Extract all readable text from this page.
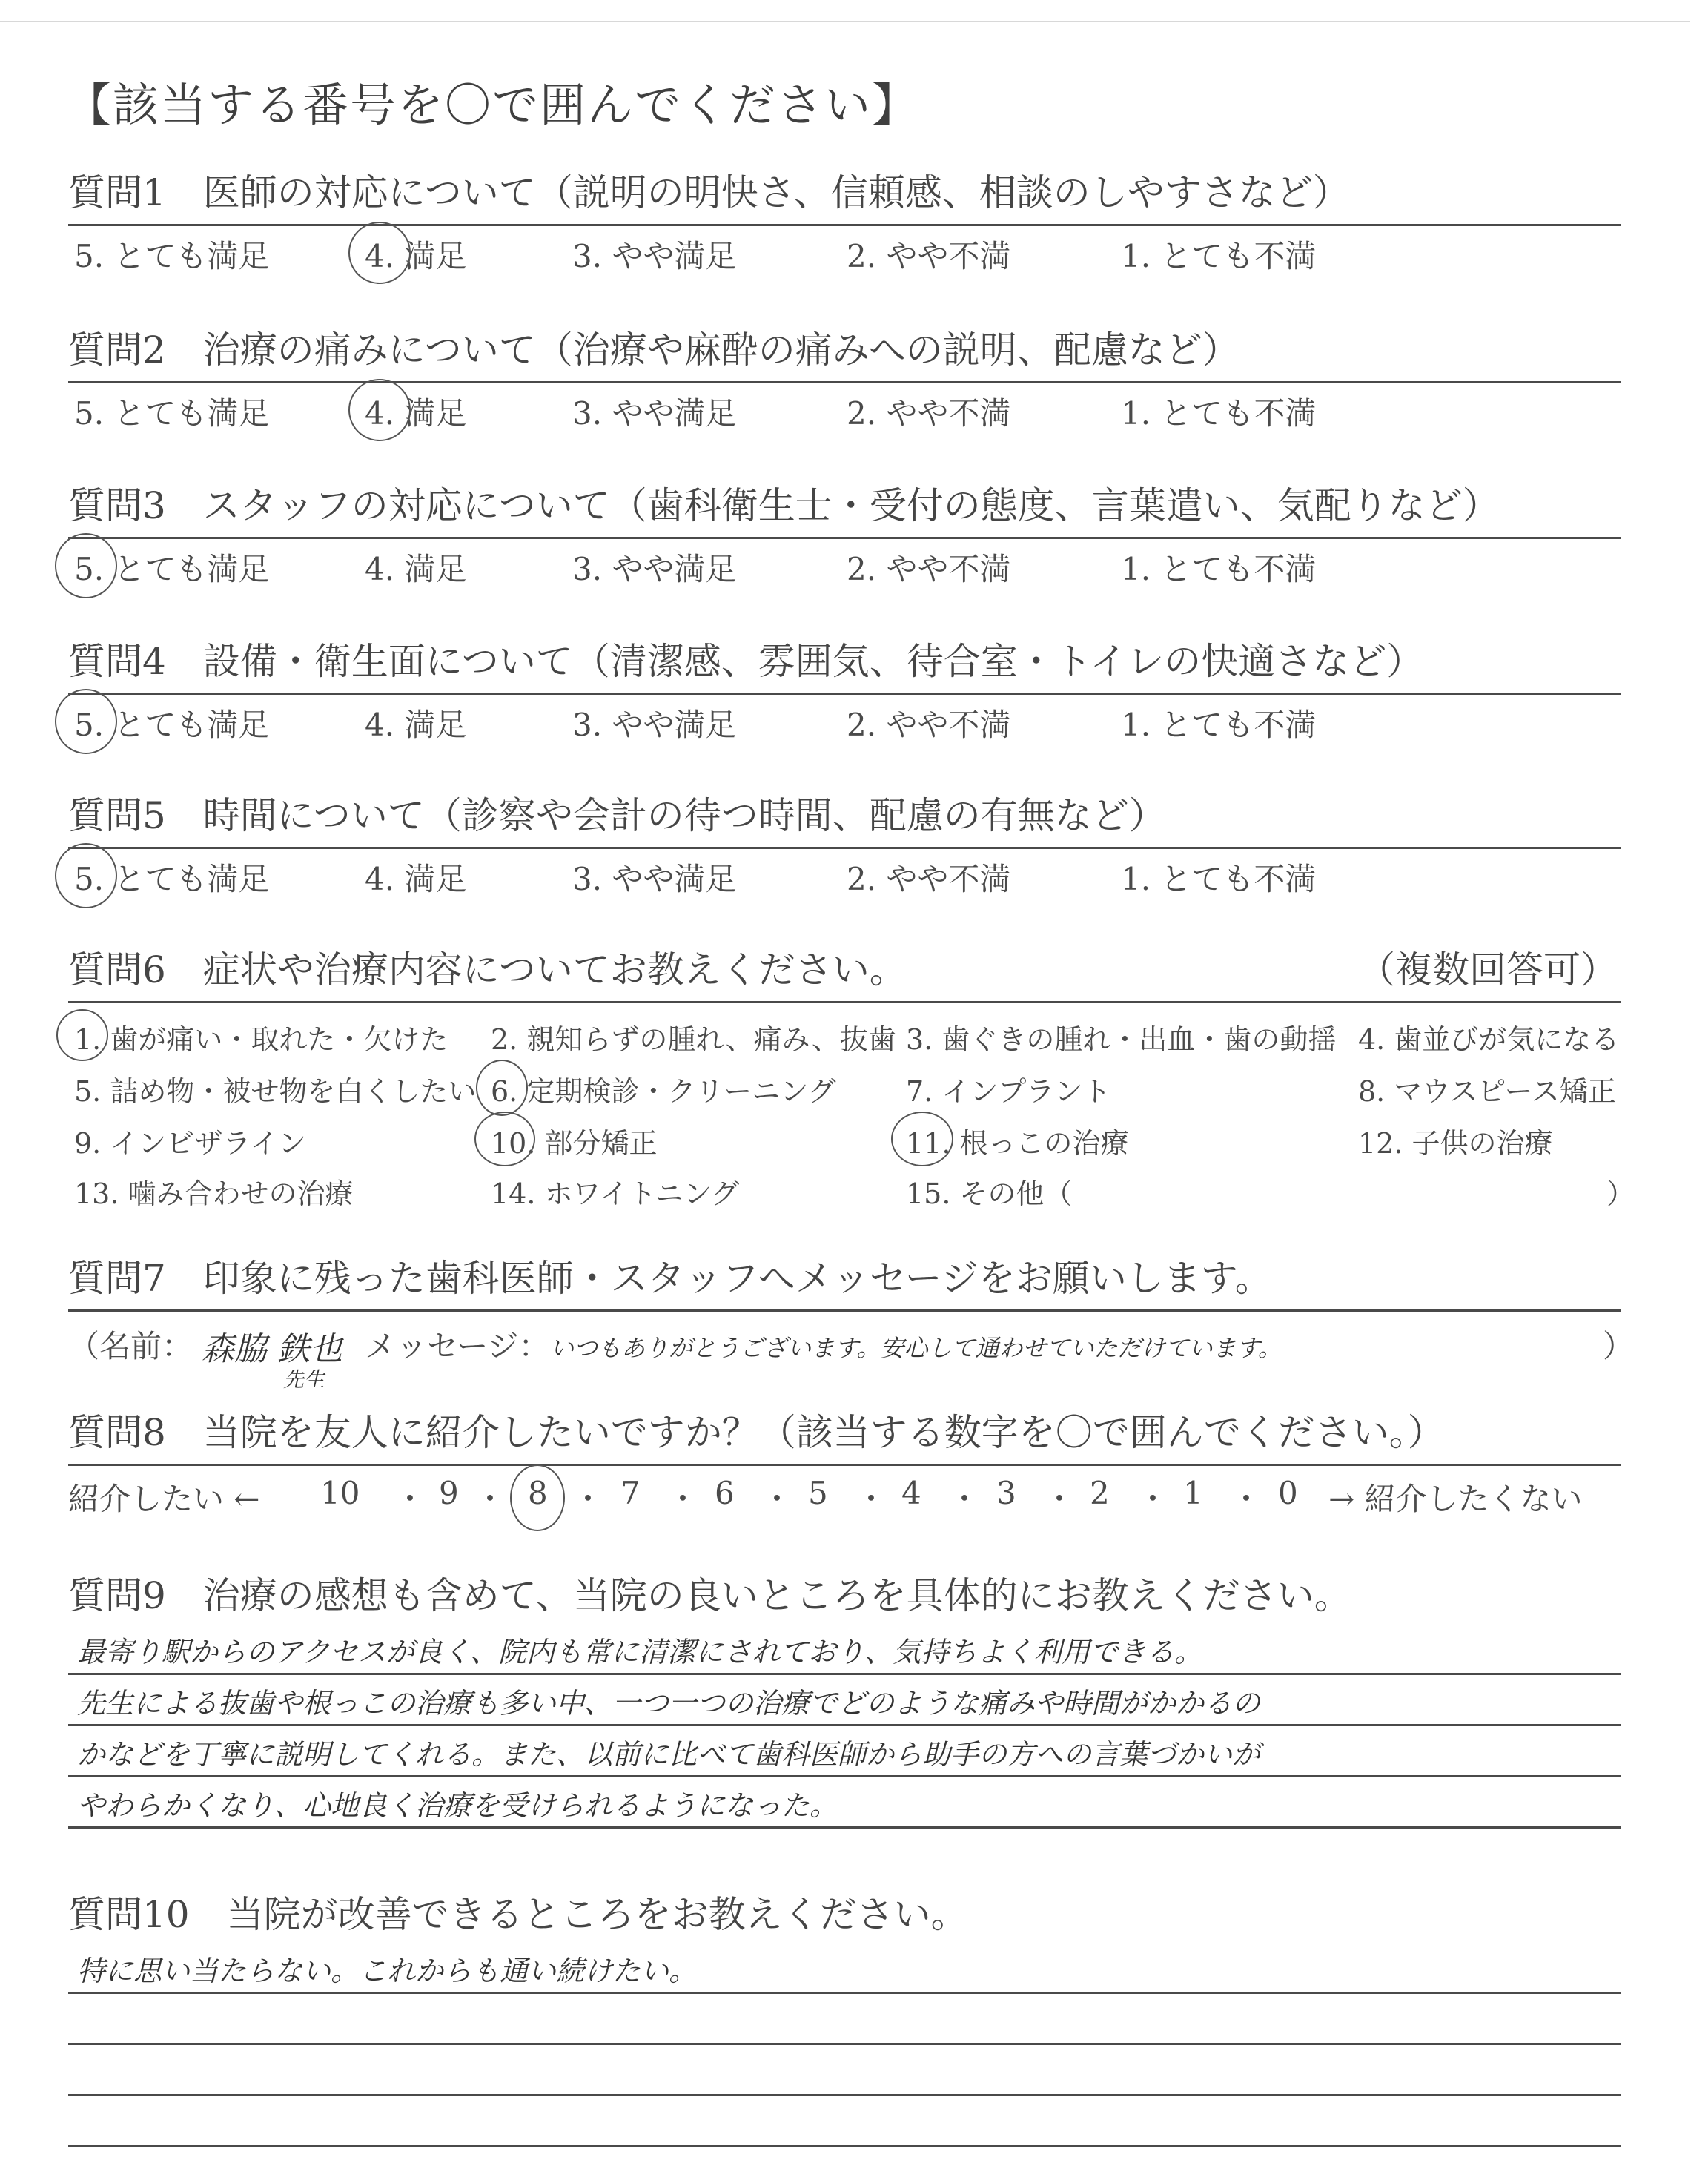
【該当する番号を〇で囲んでください】
質問1　医師の対応について（説明の明快さ、信頼感、相談のしやすさなど）
5. とても満足	4. 満足	3. やや満足	2. やや不満	1. とても不満
質問2　治療の痛みについて（治療や麻酔の痛みへの説明、配慮など）
5. とても満足	4. 満足	3. やや満足	2. やや不満	1. とても不満
質問3　スタッフの対応について（歯科衛生士・受付の態度、言葉遣い、気配りなど）
5. とても満足	4. 満足	3. やや満足	2. やや不満	1. とても不満
質問4　設備・衛生面について（清潔感、雰囲気、待合室・トイレの快適さなど）
5. とても満足	4. 満足	3. やや満足	2. やや不満	1. とても不満
質問5　時間について（診察や会計の待つ時間、配慮の有無など）
5. とても満足	4. 満足	3. やや満足	2. やや不満	1. とても不満
質問6　症状や治療内容についてお教えください。	（複数回答可）
1. 歯が痛い・取れた・欠けた 2. 親知らずの腫れ、痛み、抜歯 3. 歯ぐきの腫れ・出血・歯の動揺 4. 歯並びが気になる
5. 詰め物・被せ物を白くしたい 6. 定期検診・クリーニング 7. インプラント	8. マウスピース矯正
9. インビザライン	10. 部分矯正	11. 根っこの治療	12. 子供の治療
13. 噛み合わせの治療	14. ホワイトニング	15. その他（	）
質問7　印象に残った歯科医師・スタッフへメッセージをお願いします。
（名前： 森脇 鉄也
先生
メッセージ： いつもありがとうございます。安心して通わせていただけています。	）
質問8　当院を友人に紹介したいですか？（該当する数字を〇で囲んでください。）
紹介したい ← 10 ・ 9 ・ 8 ・ 7 ・ 6 ・ 5 ・ 4 ・ 3 ・ 2 ・ 1 ・ 0 → 紹介したくない
質問9　治療の感想も含めて、当院の良いところを具体的にお教えください。
最寄り駅からのアクセスが良く、院内も常に清潔にされており、気持ちよく利用できる。
先生による抜歯や根っこの治療も多い中、一つ一つの治療でどのような痛みや時間がかかるの
かなどを丁寧に説明してくれる。また、以前に比べて歯科医師から助手の方への言葉づかいが
やわらかくなり、心地良く治療を受けられるようになった。
質問10　当院が改善できるところをお教えください。
特に思い当たらない。これからも通い続けたい。
